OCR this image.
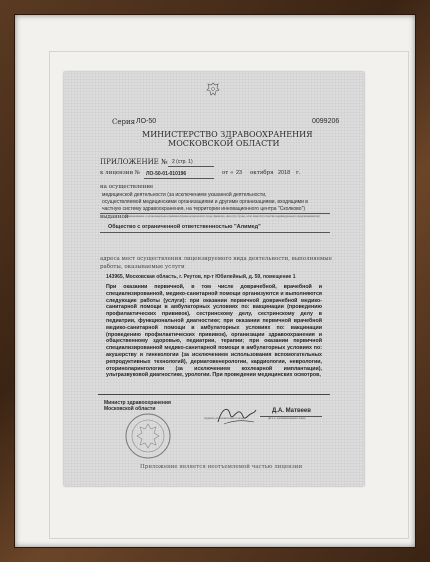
Серия ЛО-50	0099206
МИНИСТЕРСТВО ЗДРАВООХРАНЕНИЯ
МОСКОВСКОЙ ОБЛАСТИ
ПРИЛОЖЕНИЕ № 2 (стр. 1)
к лицензии № ЛО-50-01-010196	от « 23 октября 2018 г.
на осуществление
медицинской деятельности (за исключением указанной деятельности,
осуществляемой медицинскими организациями и другими организациями, входящими в
частную систему здравоохранения, на территории инновационного центра "Сколково")
выданной
(наименование и организационно-правовая форма юридического лица, фамилия, имя и (в случае, если имеется) отчество индивидуального предпринимателя)
Общество с ограниченной ответственностью "Алимед"
адреса мест осуществления лицензируемого вида деятельности, выполняемые
работы, оказываемые услуги
143965, Московская область, г. Реутов, пр-т Юбилейный, д. 59, помещение 1
При оказании первичной, в том числе доврачебной, врачебной и специализированной, медико-санитарной помощи организуются и выполняются следующие работы (услуги): при оказании первичной доврачебной медико-санитарной помощи в амбулаторных условиях по: вакцинации (проведению профилактических прививок), сестринскому делу, сестринскому делу в педиатрии, функциональной диагностике; при оказании первичной врачебной медико-санитарной помощи в амбулаторных условиях по: вакцинации (проведению профилактических прививок), организации здравоохранения и общественному здоровью, педиатрии, терапии; при оказании первичной специализированной медико-санитарной помощи в амбулаторных условиях по: акушерству и гинекологии (за исключением использования вспомогательных репродуктивных технологий), дерматовенерологии, кардиологии, неврологии, оториноларингологии (за исключением кохлеарной имплантации), ультразвуковой диагностике, урологии. При проведении медицинских осмотров,
Министр здравоохранения
Московской области
(подпись уполномоченного лица)
Д.А. Матвеев
(ф.и.о. уполномоченного лица)
Приложение является неотъемлемой частью лицензии
